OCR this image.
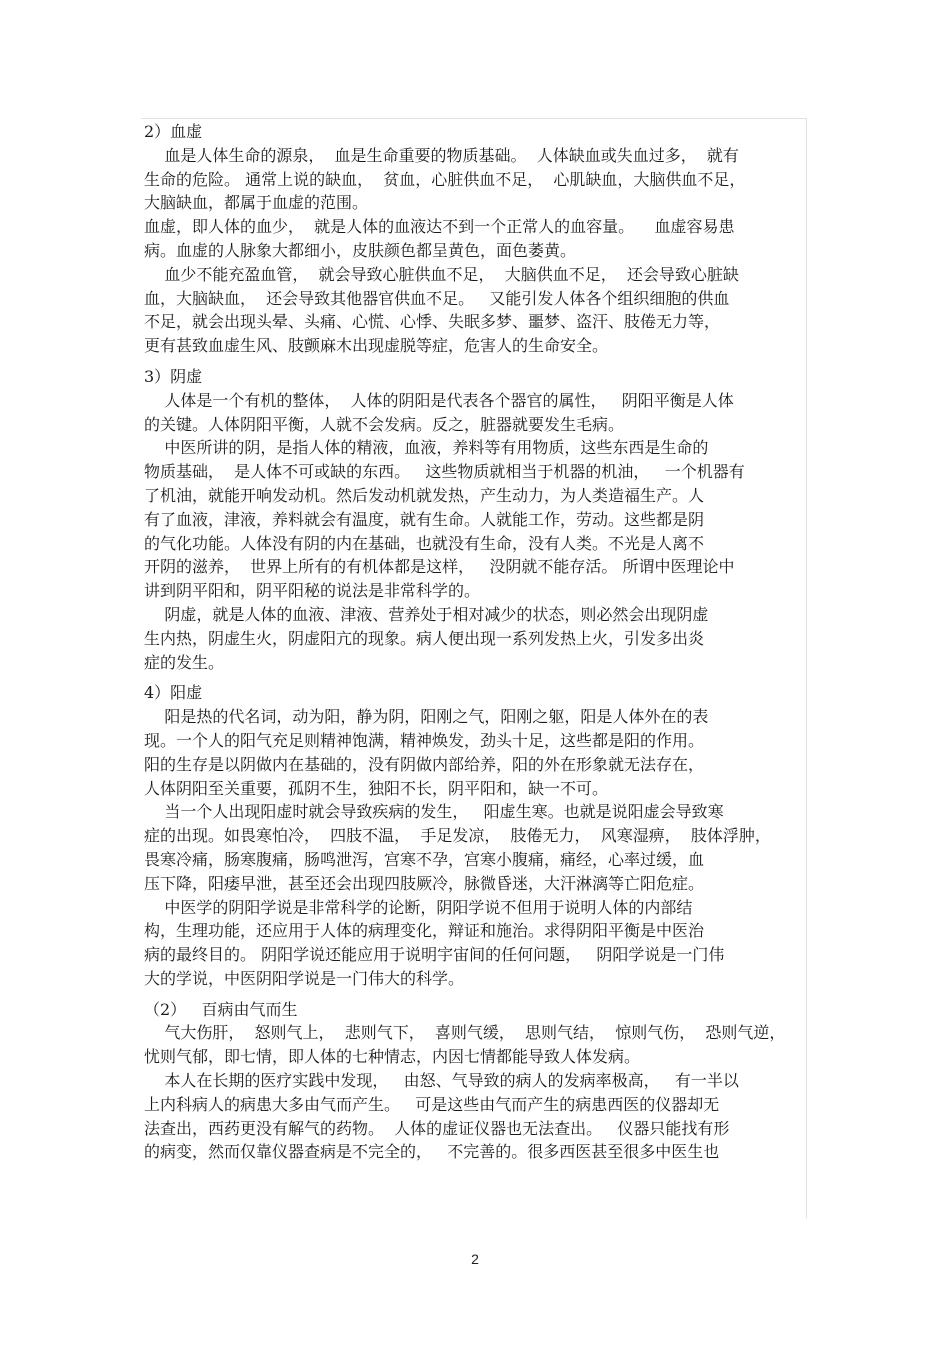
2）血虚
血是人体生命的源泉，  血是生命重要的物质基础。  人体缺血或失血过多，  就有
生命的危险。 通常上说的缺血，  贫血，心脏供血不足，  心肌缺血，大脑供血不足，
大脑缺血，都属于血虚的范围。
血虚，即人体的血少，  就是人体的血液达不到一个正常人的血容量。    血虚容易患
病。血虚的人脉象大都细小，皮肤颜色都呈黄色，面色萎黄。
血少不能充盈血管，  就会导致心脏供血不足，  大脑供血不足，  还会导致心脏缺
血，大脑缺血，  还会导致其他器官供血不足。   又能引发人体各个组织细胞的供血
不足，就会出现头晕、头痛、心慌、心悸、失眠多梦、噩梦、盗汗、肢倦无力等，
更有甚致血虚生风、肢颤麻木出现虚脱等症，危害人的生命安全。
3）阴虚
人体是一个有机的整体，  人体的阴阳是代表各个器官的属性，   阴阳平衡是人体
的关键。人体阴阳平衡，人就不会发病。反之，脏器就要发生毛病。
中医所讲的阴，是指人体的精液，血液，养料等有用物质，这些东西是生命的
物质基础，  是人体不可或缺的东西。   这些物质就相当于机器的机油，   一个机器有
了机油，就能开响发动机。然后发动机就发热，产生动力，为人类造福生产。人
有了血液，津液，养料就会有温度，就有生命。人就能工作，劳动。这些都是阴
的气化功能。人体没有阴的内在基础，也就没有生命，没有人类。不光是人离不
开阴的滋养，  世界上所有的有机体都是这样，   没阴就不能存活。 所谓中医理论中
讲到阴平阳和，阴平阳秘的说法是非常科学的。
阴虚，就是人体的血液、津液、营养处于相对减少的状态，则必然会出现阴虚
生内热，阴虚生火，阴虚阳亢的现象。病人便出现一系列发热上火，引发多出炎
症的发生。
4）阳虚
阳是热的代名词，动为阳，静为阴，阳刚之气，阳刚之躯，阳是人体外在的表
现。一个人的阳气充足则精神饱满，精神焕发，劲头十足，这些都是阳的作用。
阳的生存是以阴做内在基础的，没有阴做内部给养，阳的外在形象就无法存在，
人体阴阳至关重要，孤阴不生，独阳不长，阴平阳和，缺一不可。
当一个人出现阳虚时就会导致疾病的发生，   阳虚生寒。也就是说阳虚会导致寒
症的出现。如畏寒怕冷，  四肢不温，  手足发凉，  肢倦无力，  风寒湿痹，  肢体浮肿，
畏寒冷痛，肠寒腹痛，肠鸣泄泻，宫寒不孕，宫寒小腹痛，痛经，心率过缓，血
压下降，阳痿早泄，甚至还会出现四肢厥冷，脉微昏迷，大汗淋漓等亡阳危症。
中医学的阴阳学说是非常科学的论断，阴阳学说不但用于说明人体的内部结
构，生理功能，还应用于人体的病理变化，辩证和施治。求得阴阳平衡是中医治
病的最终目的。 阴阳学说还能应用于说明宇宙间的任何问题，   阴阳学说是一门伟
大的学说，中医阴阳学说是一门伟大的科学。
（2）   百病由气而生
气大伤肝，  怒则气上，  悲则气下，  喜则气缓，  思则气结，  惊则气伤，  恐则气逆，
忧则气郁，即七情，即人体的七种情志，内因七情都能导致人体发病。
本人在长期的医疗实践中发现，   由怒、气导致的病人的发病率极高，   有一半以
上内科病人的病患大多由气而产生。   可是这些由气而产生的病患西医的仪器却无
法查出，西药更没有解气的药物。  人体的虚证仪器也无法查出。   仪器只能找有形
的病变，然而仅靠仪器查病是不完全的，   不完善的。很多西医甚至很多中医生也
2
